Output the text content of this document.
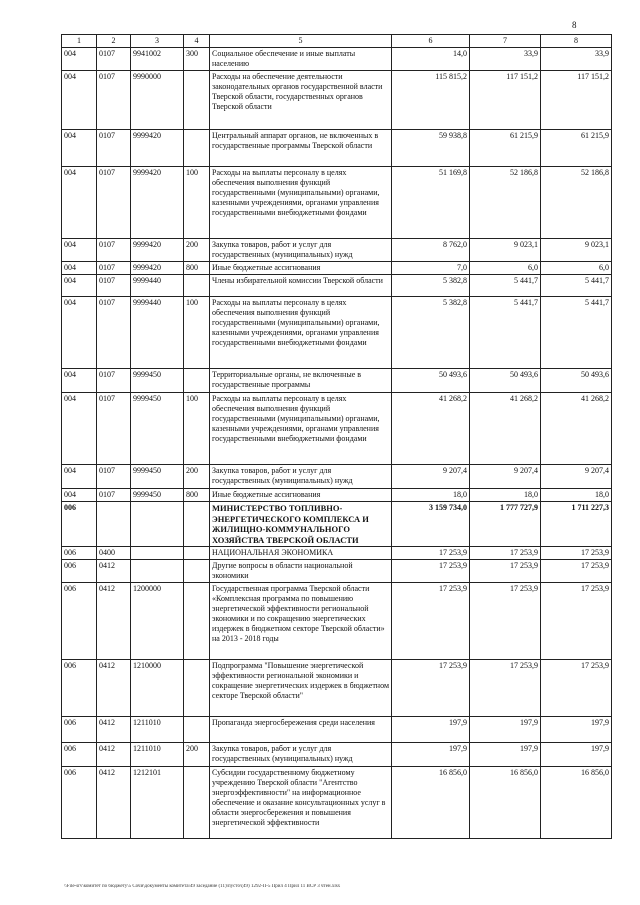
8
1	2	3	4	5	6	7	8
004	0107	9941002	300	Социальное обеспечение и иные выплаты населению	14,0	33,9	33,9
004	0107	9990000		Расходы на обеспечение деятельности законодательных органов государственной власти Тверской области, государственных органов Тверской области	115 815,2	117 151,2	117 151,2
004	0107	9999420		Центральный аппарат органов, не включенных в государственные программы Тверской области	59 938,8	61 215,9	61 215,9
004	0107	9999420	100	Расходы на выплаты персоналу в целях обеспечения выполнения функций государственными (муниципальными) органами, казенными учреждениями, органами управления государственными внебюджетными фондами	51 169,8	52 186,8	52 186,8
004	0107	9999420	200	Закупка товаров, работ и услуг для государственных (муниципальных) нужд	8 762,0	9 023,1	9 023,1
004	0107	9999420	800	Иные бюджетные ассигнования	7,0	6,0	6,0
004	0107	9999440		Члены избирательной комиссии Тверской области	5 382,8	5 441,7	5 441,7
004	0107	9999440	100	Расходы на выплаты персоналу в целях обеспечения выполнения функций государственными (муниципальными) органами, казенными учреждениями, органами управления государственными внебюджетными фондами	5 382,8	5 441,7	5 441,7
004	0107	9999450		Территориальные органы, не включенные в государственные программы	50 493,6	50 493,6	50 493,6
004	0107	9999450	100	Расходы на выплаты персоналу в целях обеспечения выполнения функций государственными (муниципальными) органами, казенными учреждениями, органами управления государственными внебюджетными фондами	41 268,2	41 268,2	41 268,2
004	0107	9999450	200	Закупка товаров, работ и услуг для государственных (муниципальных) нужд	9 207,4	9 207,4	9 207,4
004	0107	9999450	800	Иные бюджетные ассигнования	18,0	18,0	18,0
006				МИНИСТЕРСТВО ТОПЛИВНО-ЭНЕРГЕТИЧЕСКОГО КОМПЛЕКСА И ЖИЛИЩНО-КОММУНАЛЬНОГО ХОЗЯЙСТВА ТВЕРСКОЙ ОБЛАСТИ	3 159 734,0	1 777 727,9	1 711 227,3
006	0400			НАЦИОНАЛЬНАЯ ЭКОНОМИКА	17 253,9	17 253,9	17 253,9
006	0412			Другие вопросы в области национальной экономики	17 253,9	17 253,9	17 253,9
006	0412	1200000		Государственная программа Тверской области «Комплексная программа по повышению энергетической эффективности региональной экономики и по сокращению энергетических издержек в бюджетном секторе Тверской области» на 2013 - 2018 годы	17 253,9	17 253,9	17 253,9
006	0412	1210000		Подпрограмма "Повышение энергетической эффективности региональной экономики и сокращение энергетических издержек в бюджетном секторе Тверской области"	17 253,9	17 253,9	17 253,9
006	0412	1211010		Пропаганда энергосбережения среди населения	197,9	197,9	197,9
006	0412	1211010	200	Закупка товаров, работ и услуг для государственных (муниципальных) нужд	197,9	197,9	197,9
006	0412	1212101		Субсидии государственному бюджетному учреждению Тверской области "Агентство энергоэффективности" на информационное обеспечение и оказание консультационных услуг в области энергосбережения и повышения энергетической эффективности	16 856,0	16 856,0	16 856,0
\\File-srv\комитет по бюджету\5 Сочи\документы комитета\49 заседание (11)\пусто\(49) 1292-П-5 Прил 4 Прил 11 ВСР 3 чтен.xlsx
